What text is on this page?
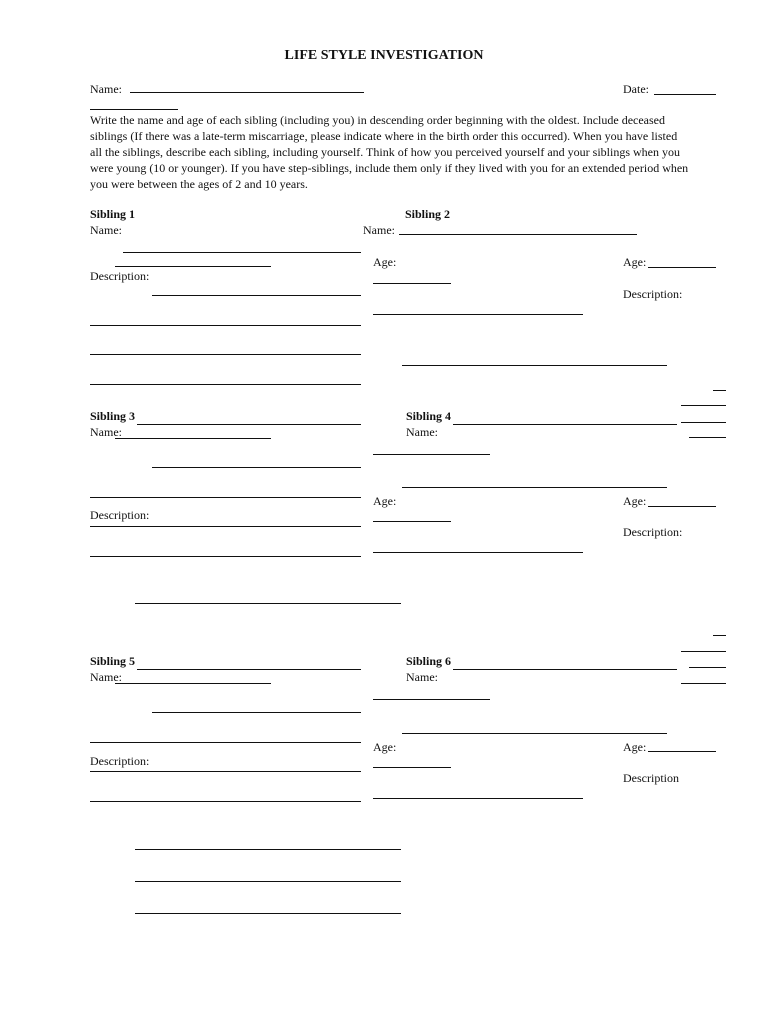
LIFE STYLE INVESTIGATION
Name:	Date:
Write the name and age of each sibling (including you) in descending order beginning with the oldest. Include deceased siblings (If there was a late-term miscarriage, please indicate where in the birth order this occurred). When you have listed all the siblings, describe each sibling, including yourself. Think of how you perceived yourself and your siblings when you were young (10 or younger). If you have step-siblings, include them only if they lived with you for an extended period when you were between the ages of 2 and 10 years.
Sibling 1	Sibling 2
Name:	Name:
Age:	Age:
Description:
Description:
Sibling 3	Sibling 4
Name:	Name:
Age:	Age:
Description:
Description:
Sibling 5	Sibling 6
Name:	Name:
Age:	Age:
Description:
Description
